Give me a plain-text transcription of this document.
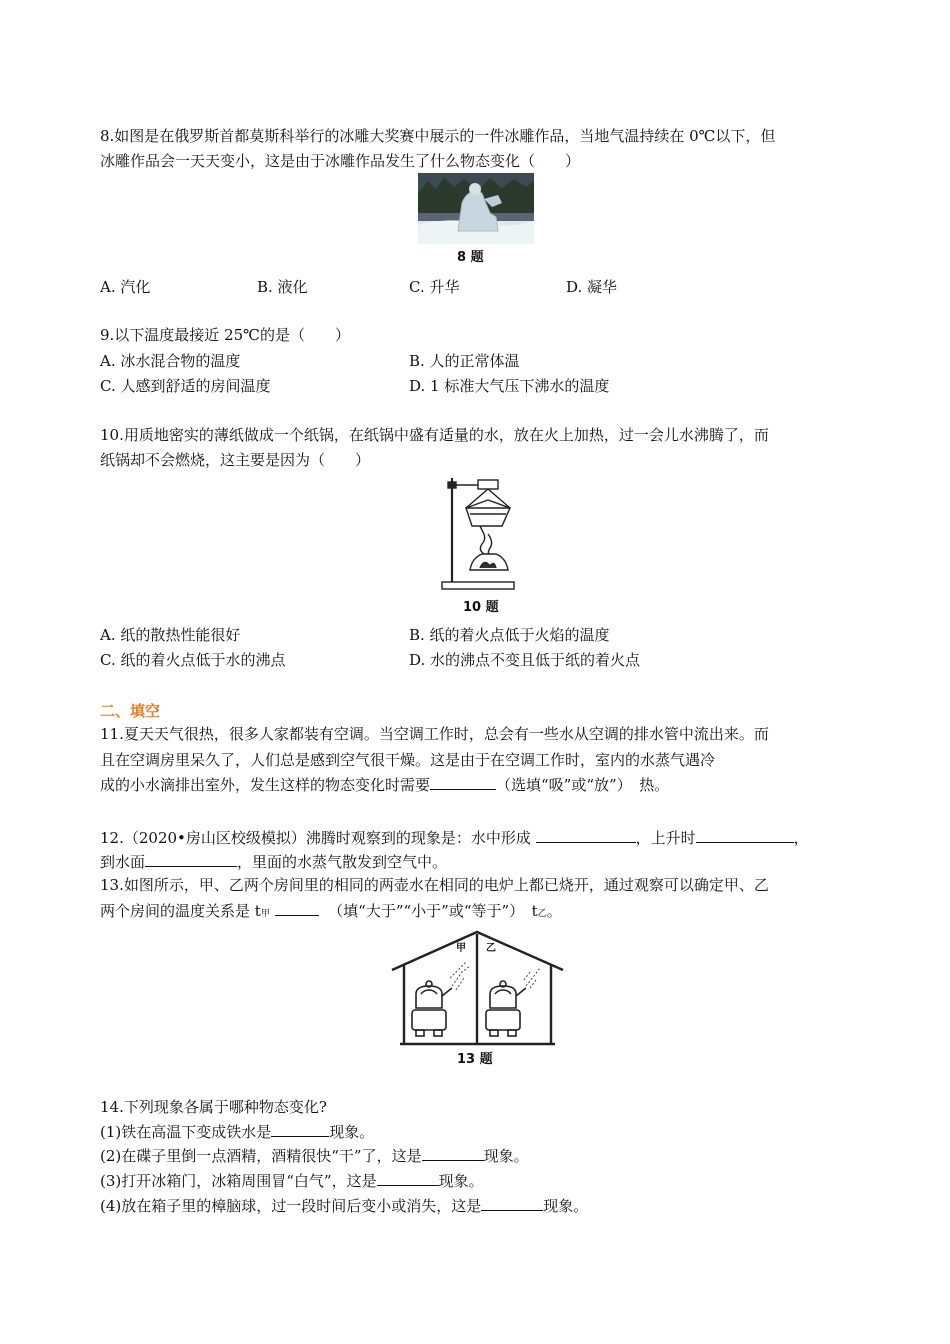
8.如图是在俄罗斯首都莫斯科举行的冰雕大奖赛中展示的一件冰雕作品，当地气温持续在 0℃以下，但
冰雕作品会一天天变小，这是由于冰雕作品发生了什么物态变化（　　）
8 题
A. 汽化	B. 液化	C. 升华	D. 凝华
9.以下温度最接近 25℃的是（　　）
A. 冰水混合物的温度	B. 人的正常体温
C. 人感到舒适的房间温度	D. 1 标准大气压下沸水的温度
10.用质地密实的薄纸做成一个纸锅，在纸锅中盛有适量的水，放在火上加热，过一会儿水沸腾了，而
纸锅却不会燃烧，这主要是因为（　　）
10 题
A. 纸的散热性能很好	B. 纸的着火点低于火焰的温度
C. 纸的着火点低于水的沸点	D. 水的沸点不变且低于纸的着火点
二、填空
11.夏天天气很热，很多人家都装有空调。当空调工作时，总会有一些水从空调的排水管中流出来。而
且在空调房里呆久了，人们总是感到空气很干燥。这是由于在空调工作时，室内的水蒸气遇冷
成的小水滴排出室外，发生这样的物态变化时需要	（选填“吸”或“放”）　热。
12.（2020•房山区校级模拟）沸腾时观察到的现象是：水中形成	，上升时	，
到水面	，里面的水蒸气散发到空气中。
13.如图所示，甲、乙两个房间里的相同的两壶水在相同的电炉上都已烧开，通过观察可以确定甲、乙
两个房间的温度关系是 t甲	（填“大于”“小于”或“等于”）　t乙。
甲 乙
13 题
14.下列现象各属于哪种物态变化?
(1)铁在高温下变成铁水是	现象。
(2)在碟子里倒一点酒精，酒精很快“干”了，这是	现象。
(3)打开冰箱门，冰箱周围冒“白气”，这是	现象。
(4)放在箱子里的樟脑球，过一段时间后变小或消失，这是	现象。
